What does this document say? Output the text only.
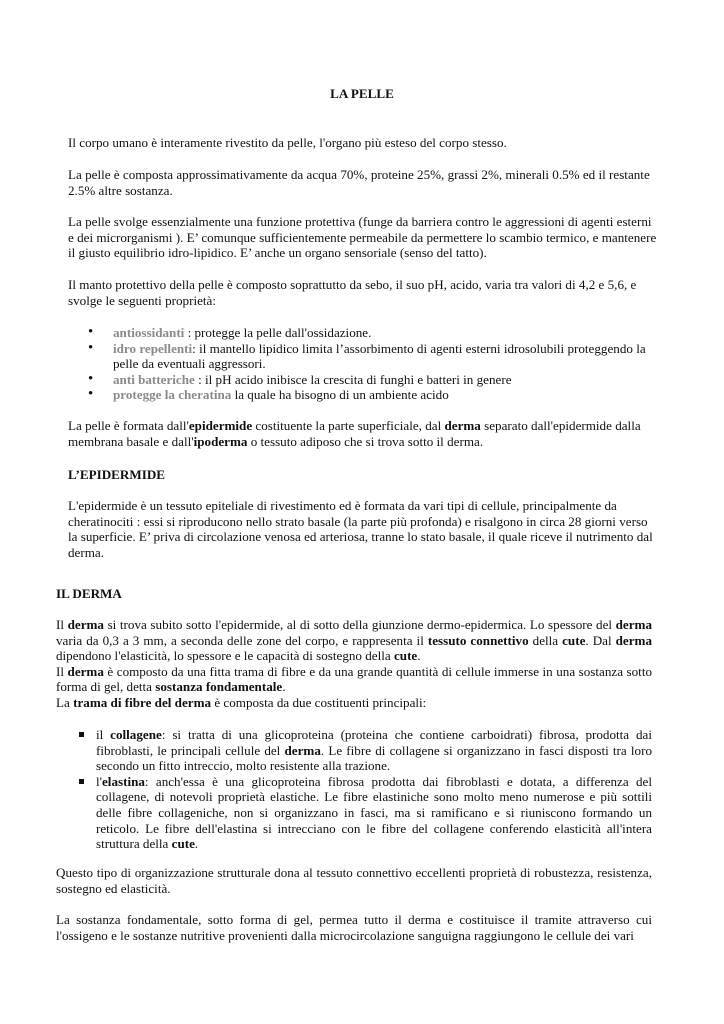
LA PELLE

Il corpo umano è interamente rivestito da pelle, l'organo più esteso del corpo stesso.

La pelle è composta approssimativamente da acqua 70%, proteine 25%, grassi 2%, minerali 0.5% ed il restante 2.5% altre sostanza.

La pelle svolge essenzialmente una funzione protettiva (funge da barriera contro le aggressioni di agenti esterni e dei microrganismi ). E’ comunque sufficientemente permeabile da permettere lo scambio termico, e mantenere il giusto equilibrio idro-lipidico. E’ anche un organo sensoriale (senso del tatto).

Il manto protettivo della pelle è composto soprattutto da sebo, il suo pH, acido, varia tra valori di 4,2 e 5,6, e svolge le seguenti proprietà:

• antiossidanti : protegge la pelle dall'ossidazione.
• idro repellenti: il mantello lipidico limita l’assorbimento di agenti esterni idrosolubili proteggendo la pelle da eventuali aggressori.
• anti batteriche : il pH acido inibisce la crescita di funghi e batteri in genere
• protegge la cheratina la quale ha bisogno di un ambiente acido

La pelle è formata dall'epidermide costituente la parte superficiale, dal derma separato dall'epidermide dalla membrana basale e dall'ipoderma o tessuto adiposo che si trova sotto il derma.

L’EPIDERMIDE

L'epidermide è un tessuto epiteliale di rivestimento ed è formata da vari tipi di cellule, principalmente da cheratinociti : essi si riproducono nello strato basale (la parte più profonda) e risalgono in circa 28 giorni verso la superficie. E’ priva di circolazione venosa ed arteriosa, tranne lo stato basale, il quale riceve il nutrimento dal derma.

IL DERMA

Il derma si trova subito sotto l'epidermide, al di sotto della giunzione dermo-epidermica. Lo spessore del derma varia da 0,3 a 3 mm, a seconda delle zone del corpo, e rappresenta il tessuto connettivo della cute. Dal derma dipendono l'elasticità, lo spessore e le capacità di sostegno della cute.
Il derma è composto da una fitta trama di fibre e da una grande quantità di cellule immerse in una sostanza sotto forma di gel, detta sostanza fondamentale.
La trama di fibre del derma è composta da due costituenti principali:

il collagene: si tratta di una glicoproteina (proteina che contiene carboidrati) fibrosa, prodotta dai fibroblasti, le principali cellule del derma. Le fibre di collagene si organizzano in fasci disposti tra loro secondo un fitto intreccio, molto resistente alla trazione.
l'elastina: anch'essa è una glicoproteina fibrosa prodotta dai fibroblasti e dotata, a differenza del collagene, di notevoli proprietà elastiche. Le fibre elastiniche sono molto meno numerose e più sottili delle fibre collageniche, non si organizzano in fasci, ma si ramificano e si riuniscono formando un reticolo. Le fibre dell'elastina si intrecciano con le fibre del collagene conferendo elasticità all'intera struttura della cute.

Questo tipo di organizzazione strutturale dona al tessuto connettivo eccellenti proprietà di robustezza, resistenza, sostegno ed elasticità.

La sostanza fondamentale, sotto forma di gel, permea tutto il derma e costituisce il tramite attraverso cui l'ossigeno e le sostanze nutritive provenienti dalla microcircolazione sanguigna raggiungono le cellule dei vari
